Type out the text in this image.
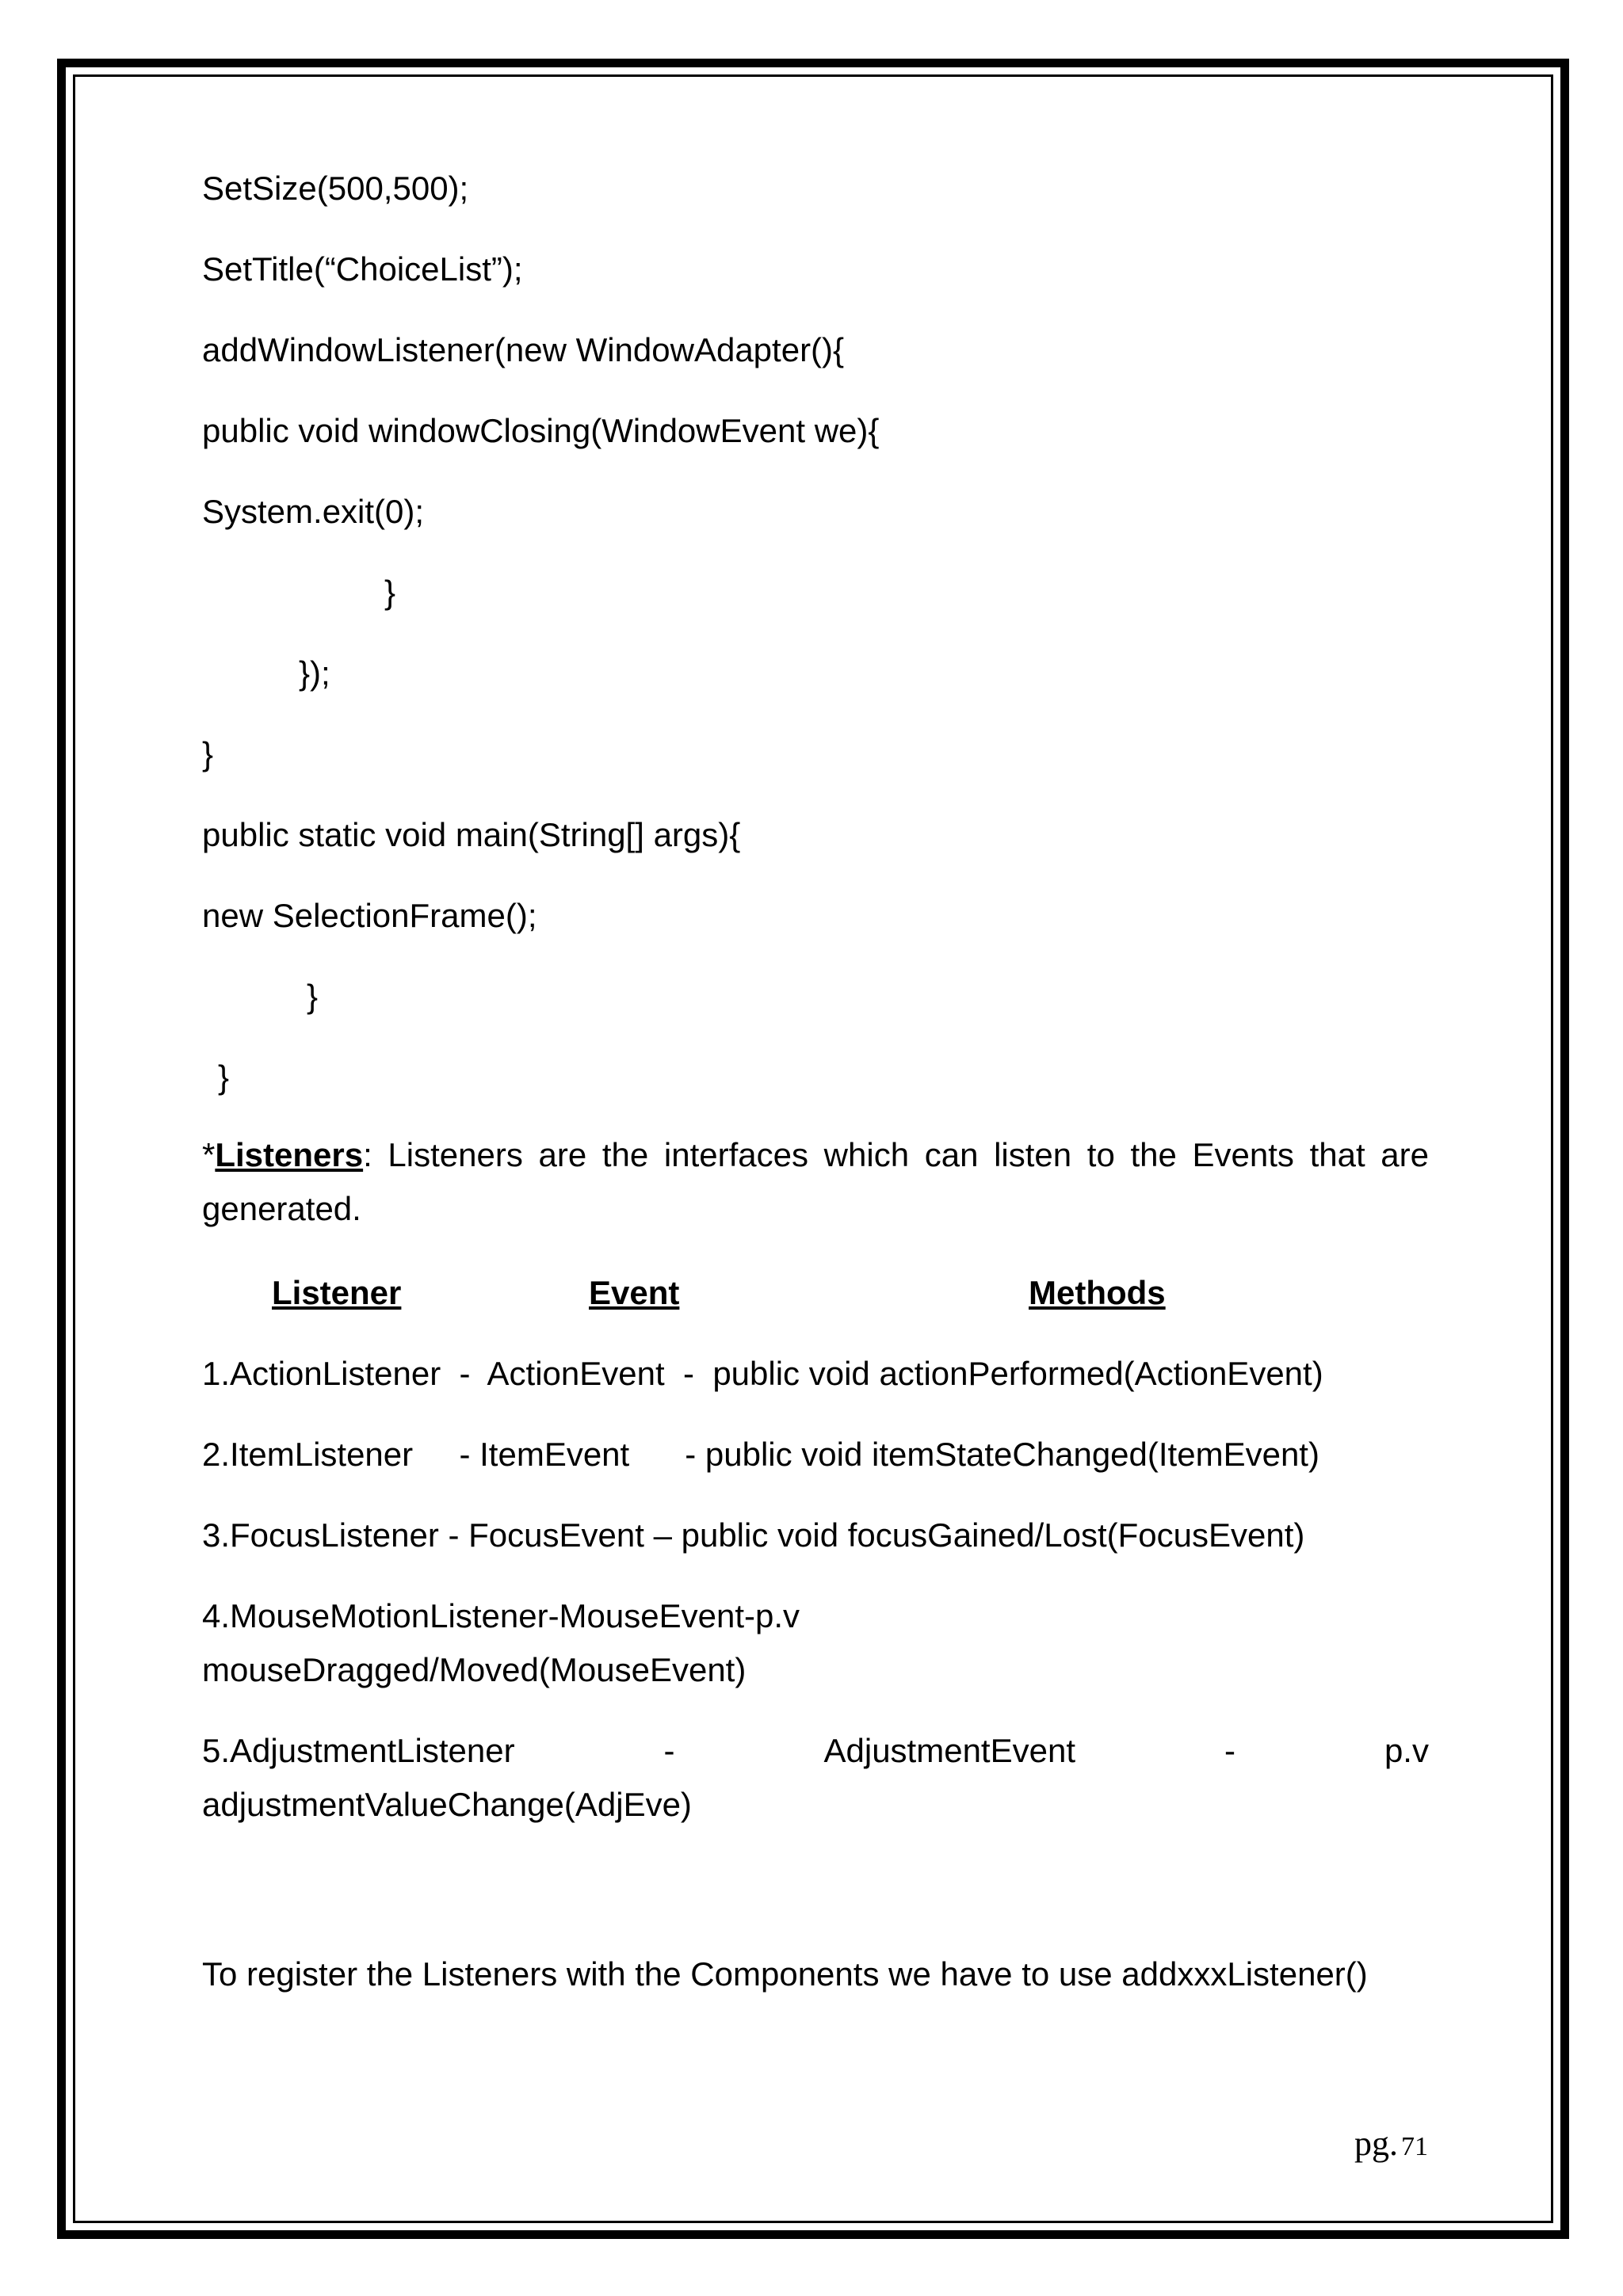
SetSize(500,500);
SetTitle(“ChoiceList”);
addWindowListener(new WindowAdapter(){
public void windowClosing(WindowEvent we){
System.exit(0);
}
});
}
public static void main(String[] args){
new SelectionFrame();
}
}
*Listeners: Listeners are the interfaces which can listen to the Events that are generated.
Listener	Event	Methods
1.ActionListener  -  ActionEvent  -  public void actionPerformed(ActionEvent)
2.ItemListener     - ItemEvent      - public void itemStateChanged(ItemEvent)
3.FocusListener - FocusEvent – public void focusGained/Lost(FocusEvent)
4.MouseMotionListener-MouseEvent-p.v
mouseDragged/Moved(MouseEvent)
5.AdjustmentListener	-	AdjustmentEvent	-	p.v
adjustmentValueChange(AdjEve)
To register the Listeners with the Components we have to use addxxxListener()
pg. 71
